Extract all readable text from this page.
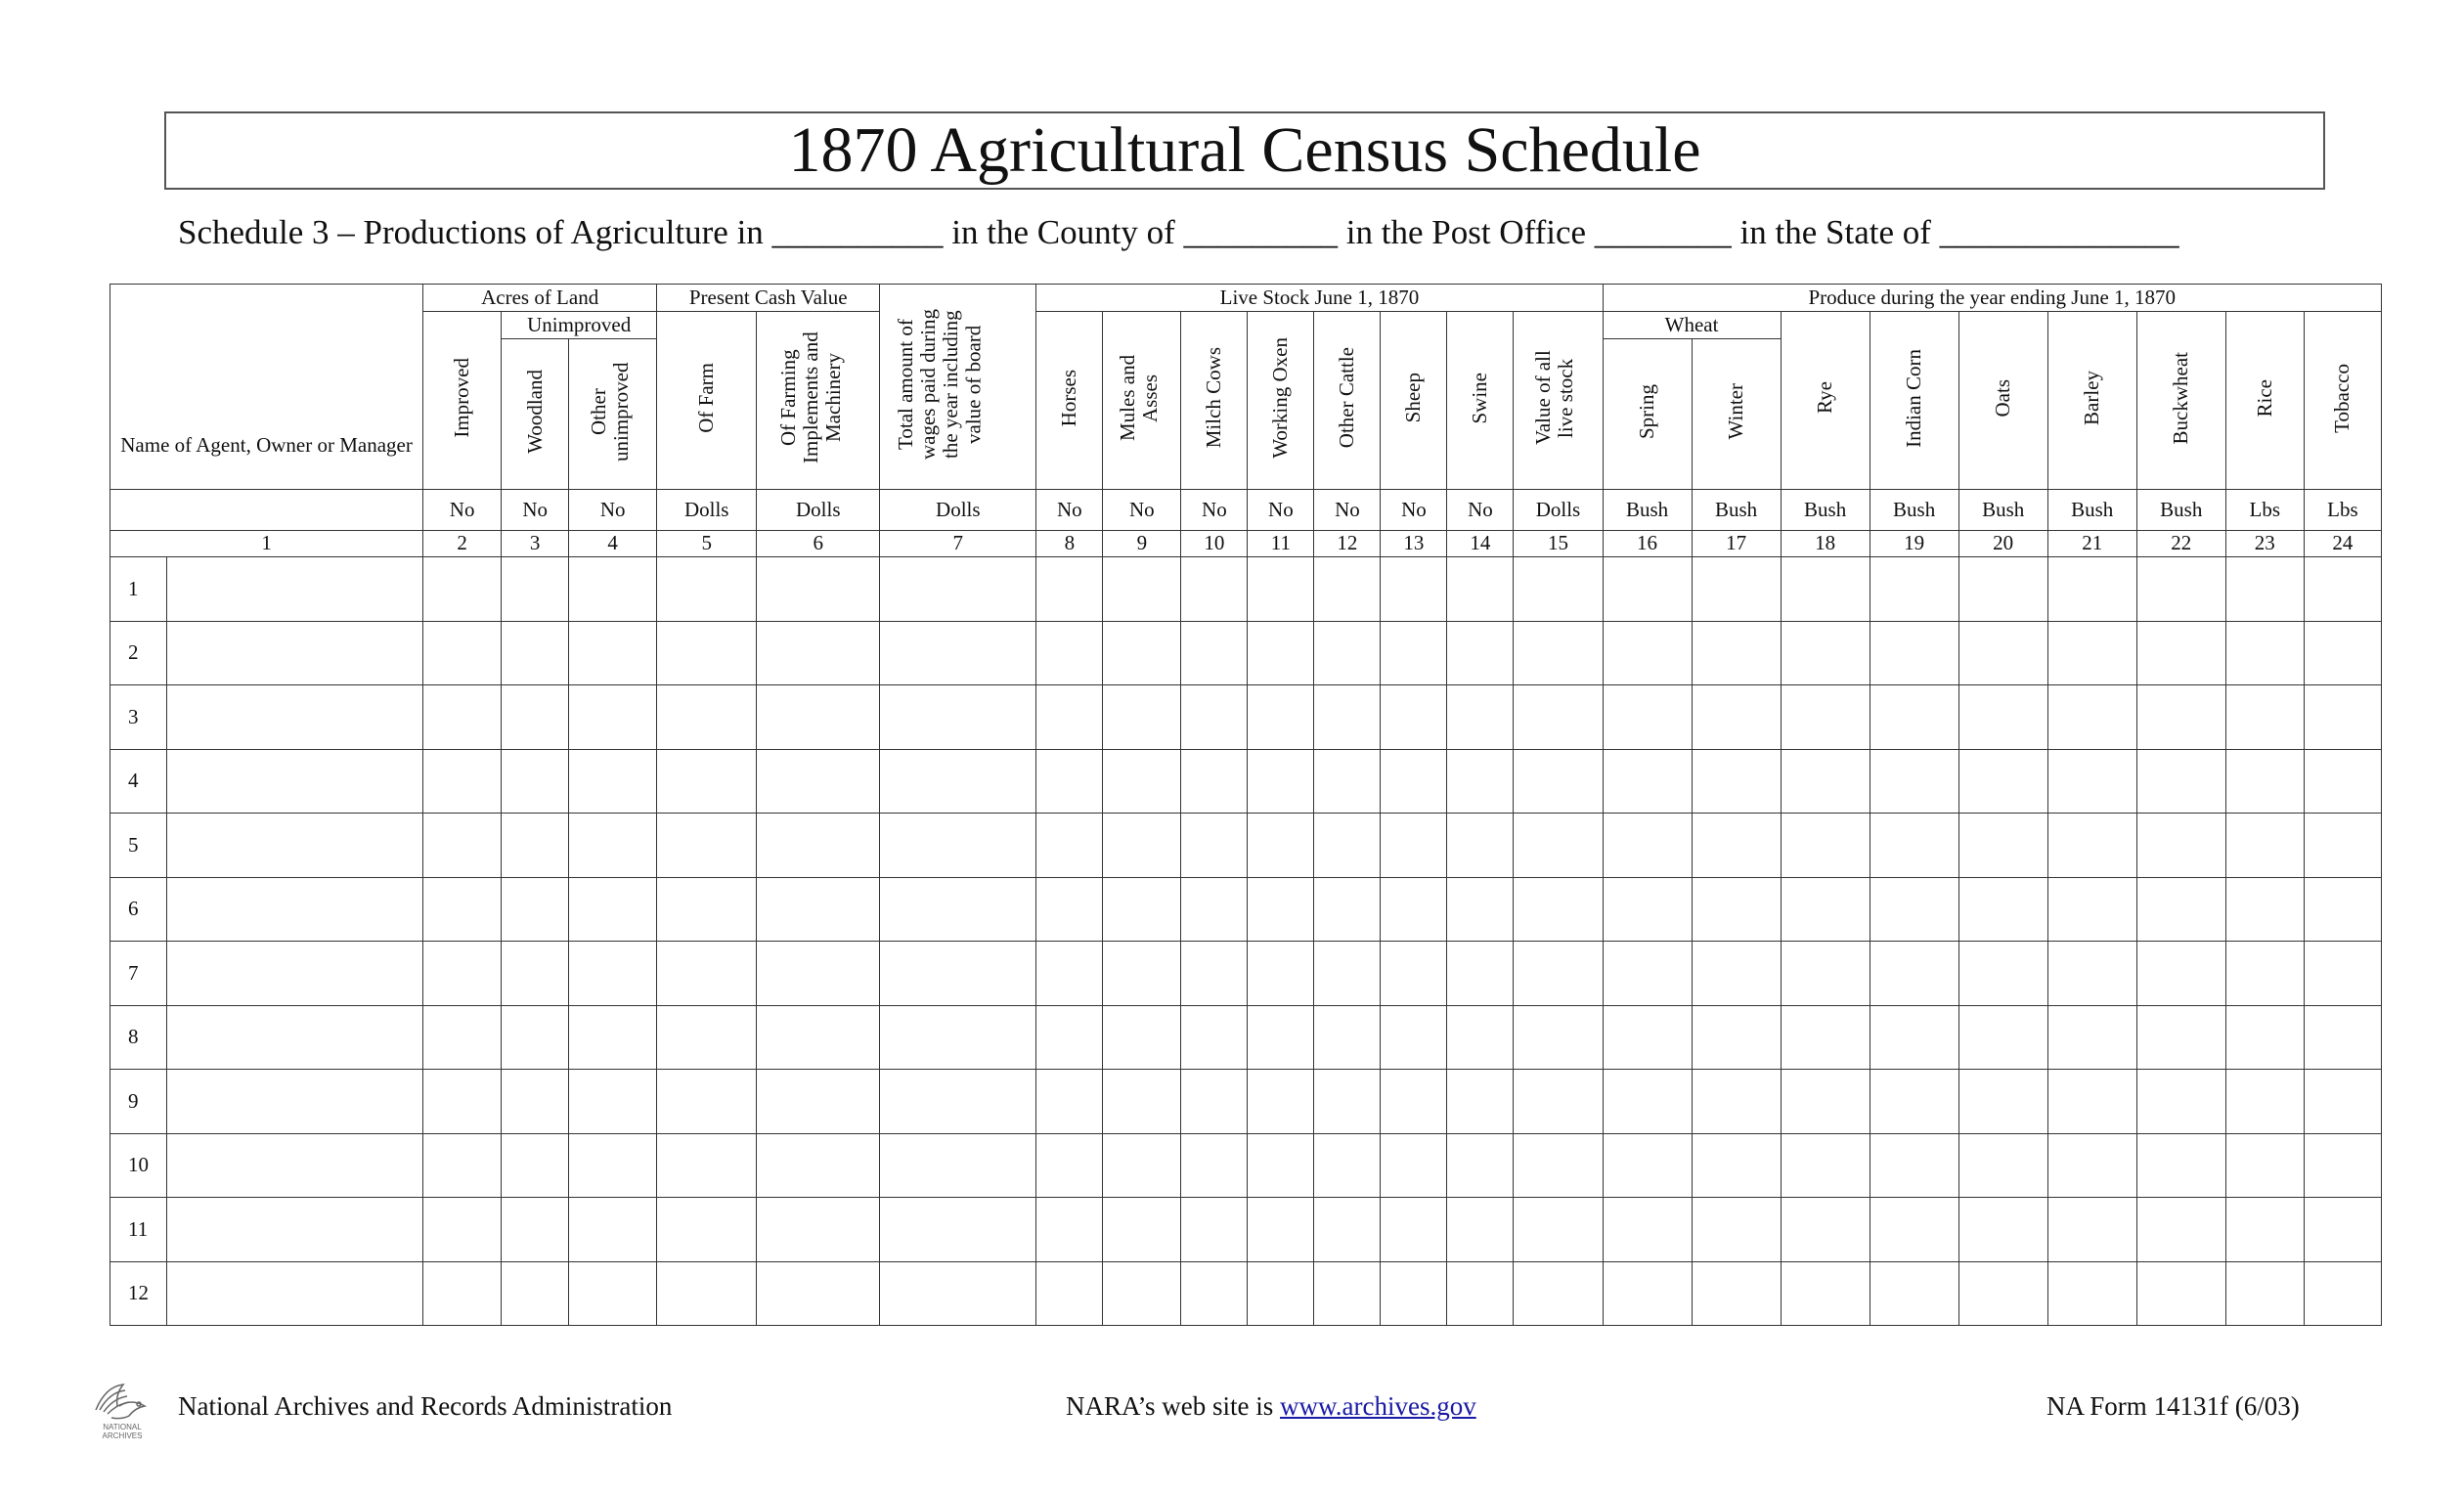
1870 Agricultural Census Schedule
Schedule 3 – Productions of Agriculture in __________ in the County of _________ in the Post Office ________ in the State of ______________
Name of Agent, Owner or Manager		Acres of Land			Present Cash Value		Total amount of wages paid during the year including value of board	Live Stock June 1, 1870								Produce during the year ending June 1, 1870								
		Improved	Unimproved		Of Farm	Of Farming Implements and Machinery		Horses	Mules and Asses	Milch Cows	Working Oxen	Other Cattle	Sheep	Swine	Value of all live stock	Wheat		Rye	Indian Corn	Oats	Barley	Buckwheat	Rice	Tobacco
			Woodland	Other unimproved												Spring	Winter							
		No	No	No	Dolls	Dolls	Dolls	No	No	No	No	No	No	No	Dolls	Bush	Bush	Bush	Bush	Bush	Bush	Bush	Lbs	Lbs
1		2	3	4	5	6	7	8	9	10	11	12	13	14	15	16	17	18	19	20	21	22	23	24
1																								
2																								
3																								
4																								
5																								
6																								
7																								
8																								
9																								
10																								
11																								
12																								
NATIONAL
ARCHIVES
National Archives and Records Administration	NARA’s web site is www.archives.gov	NA Form 14131f (6/03)
